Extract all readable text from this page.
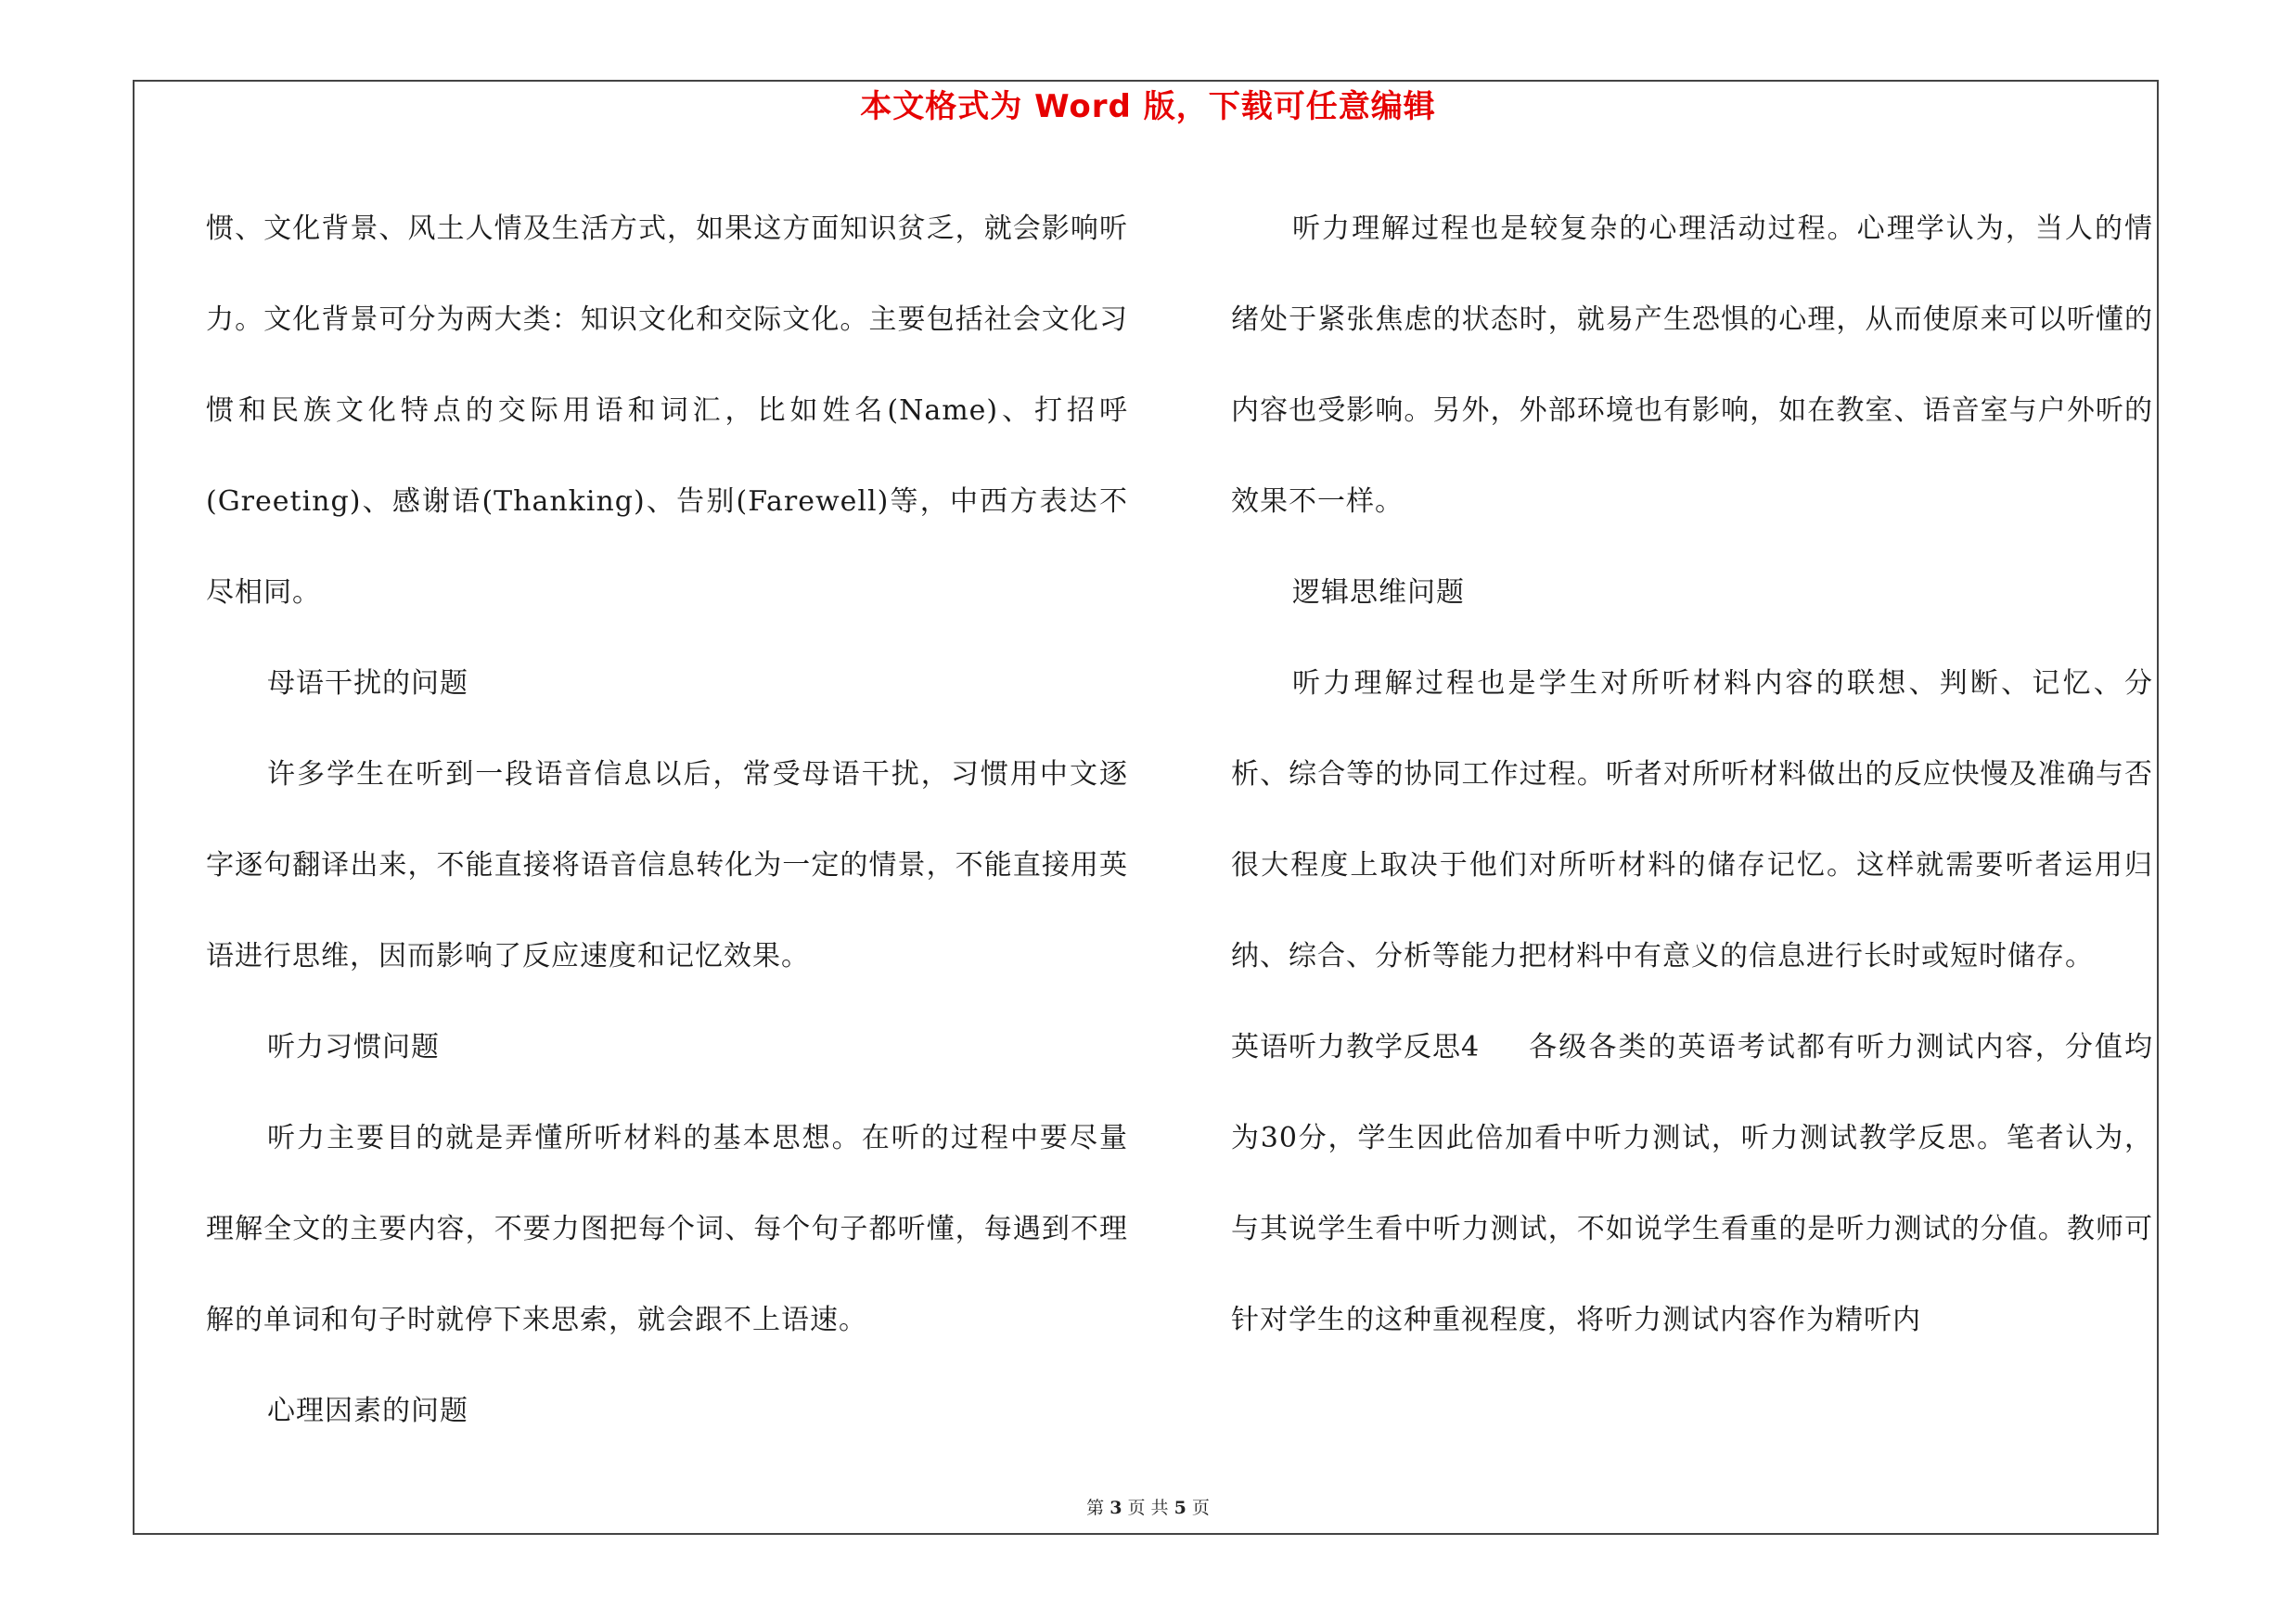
本文格式为 Word 版，下载可任意编辑

惯、文化背景、风土人情及生活方式，如果这方面知识贫乏，就会影响听力。文化背景可分为两大类：知识文化和交际文化。主要包括社会文化习惯和民族文化特点的交际用语和词汇，比如姓名(Name)、打招呼(Greeting)、感谢语(Thanking)、告别(Farewell)等，中西方表达不尽相同。

母语干扰的问题

许多学生在听到一段语音信息以后，常受母语干扰，习惯用中文逐字逐句翻译出来，不能直接将语音信息转化为一定的情景，不能直接用英语进行思维，因而影响了反应速度和记忆效果。

听力习惯问题

听力主要目的就是弄懂所听材料的基本思想。在听的过程中要尽量理解全文的主要内容，不要力图把每个词、每个句子都听懂，每遇到不理解的单词和句子时就停下来思索，就会跟不上语速。

心理因素的问题

听力理解过程也是较复杂的心理活动过程。心理学认为，当人的情绪处于紧张焦虑的状态时，就易产生恐惧的心理，从而使原来可以听懂的内容也受影响。另外，外部环境也有影响，如在教室、语音室与户外听的效果不一样。

逻辑思维问题

听力理解过程也是学生对所听材料内容的联想、判断、记忆、分析、综合等的协同工作过程。听者对所听材料做出的反应快慢及准确与否很大程度上取决于他们对所听材料的储存记忆。这样就需要听者运用归纳、综合、分析等能力把材料中有意义的信息进行长时或短时储存。

英语听力教学反思4 各级各类的英语考试都有听力测试内容，分值均为30分，学生因此倍加看中听力测试，听力测试教学反思。笔者认为，与其说学生看中听力测试，不如说学生看重的是听力测试的分值。教师可针对学生的这种重视程度，将听力测试内容作为精听内

第 3 页 共 5 页
